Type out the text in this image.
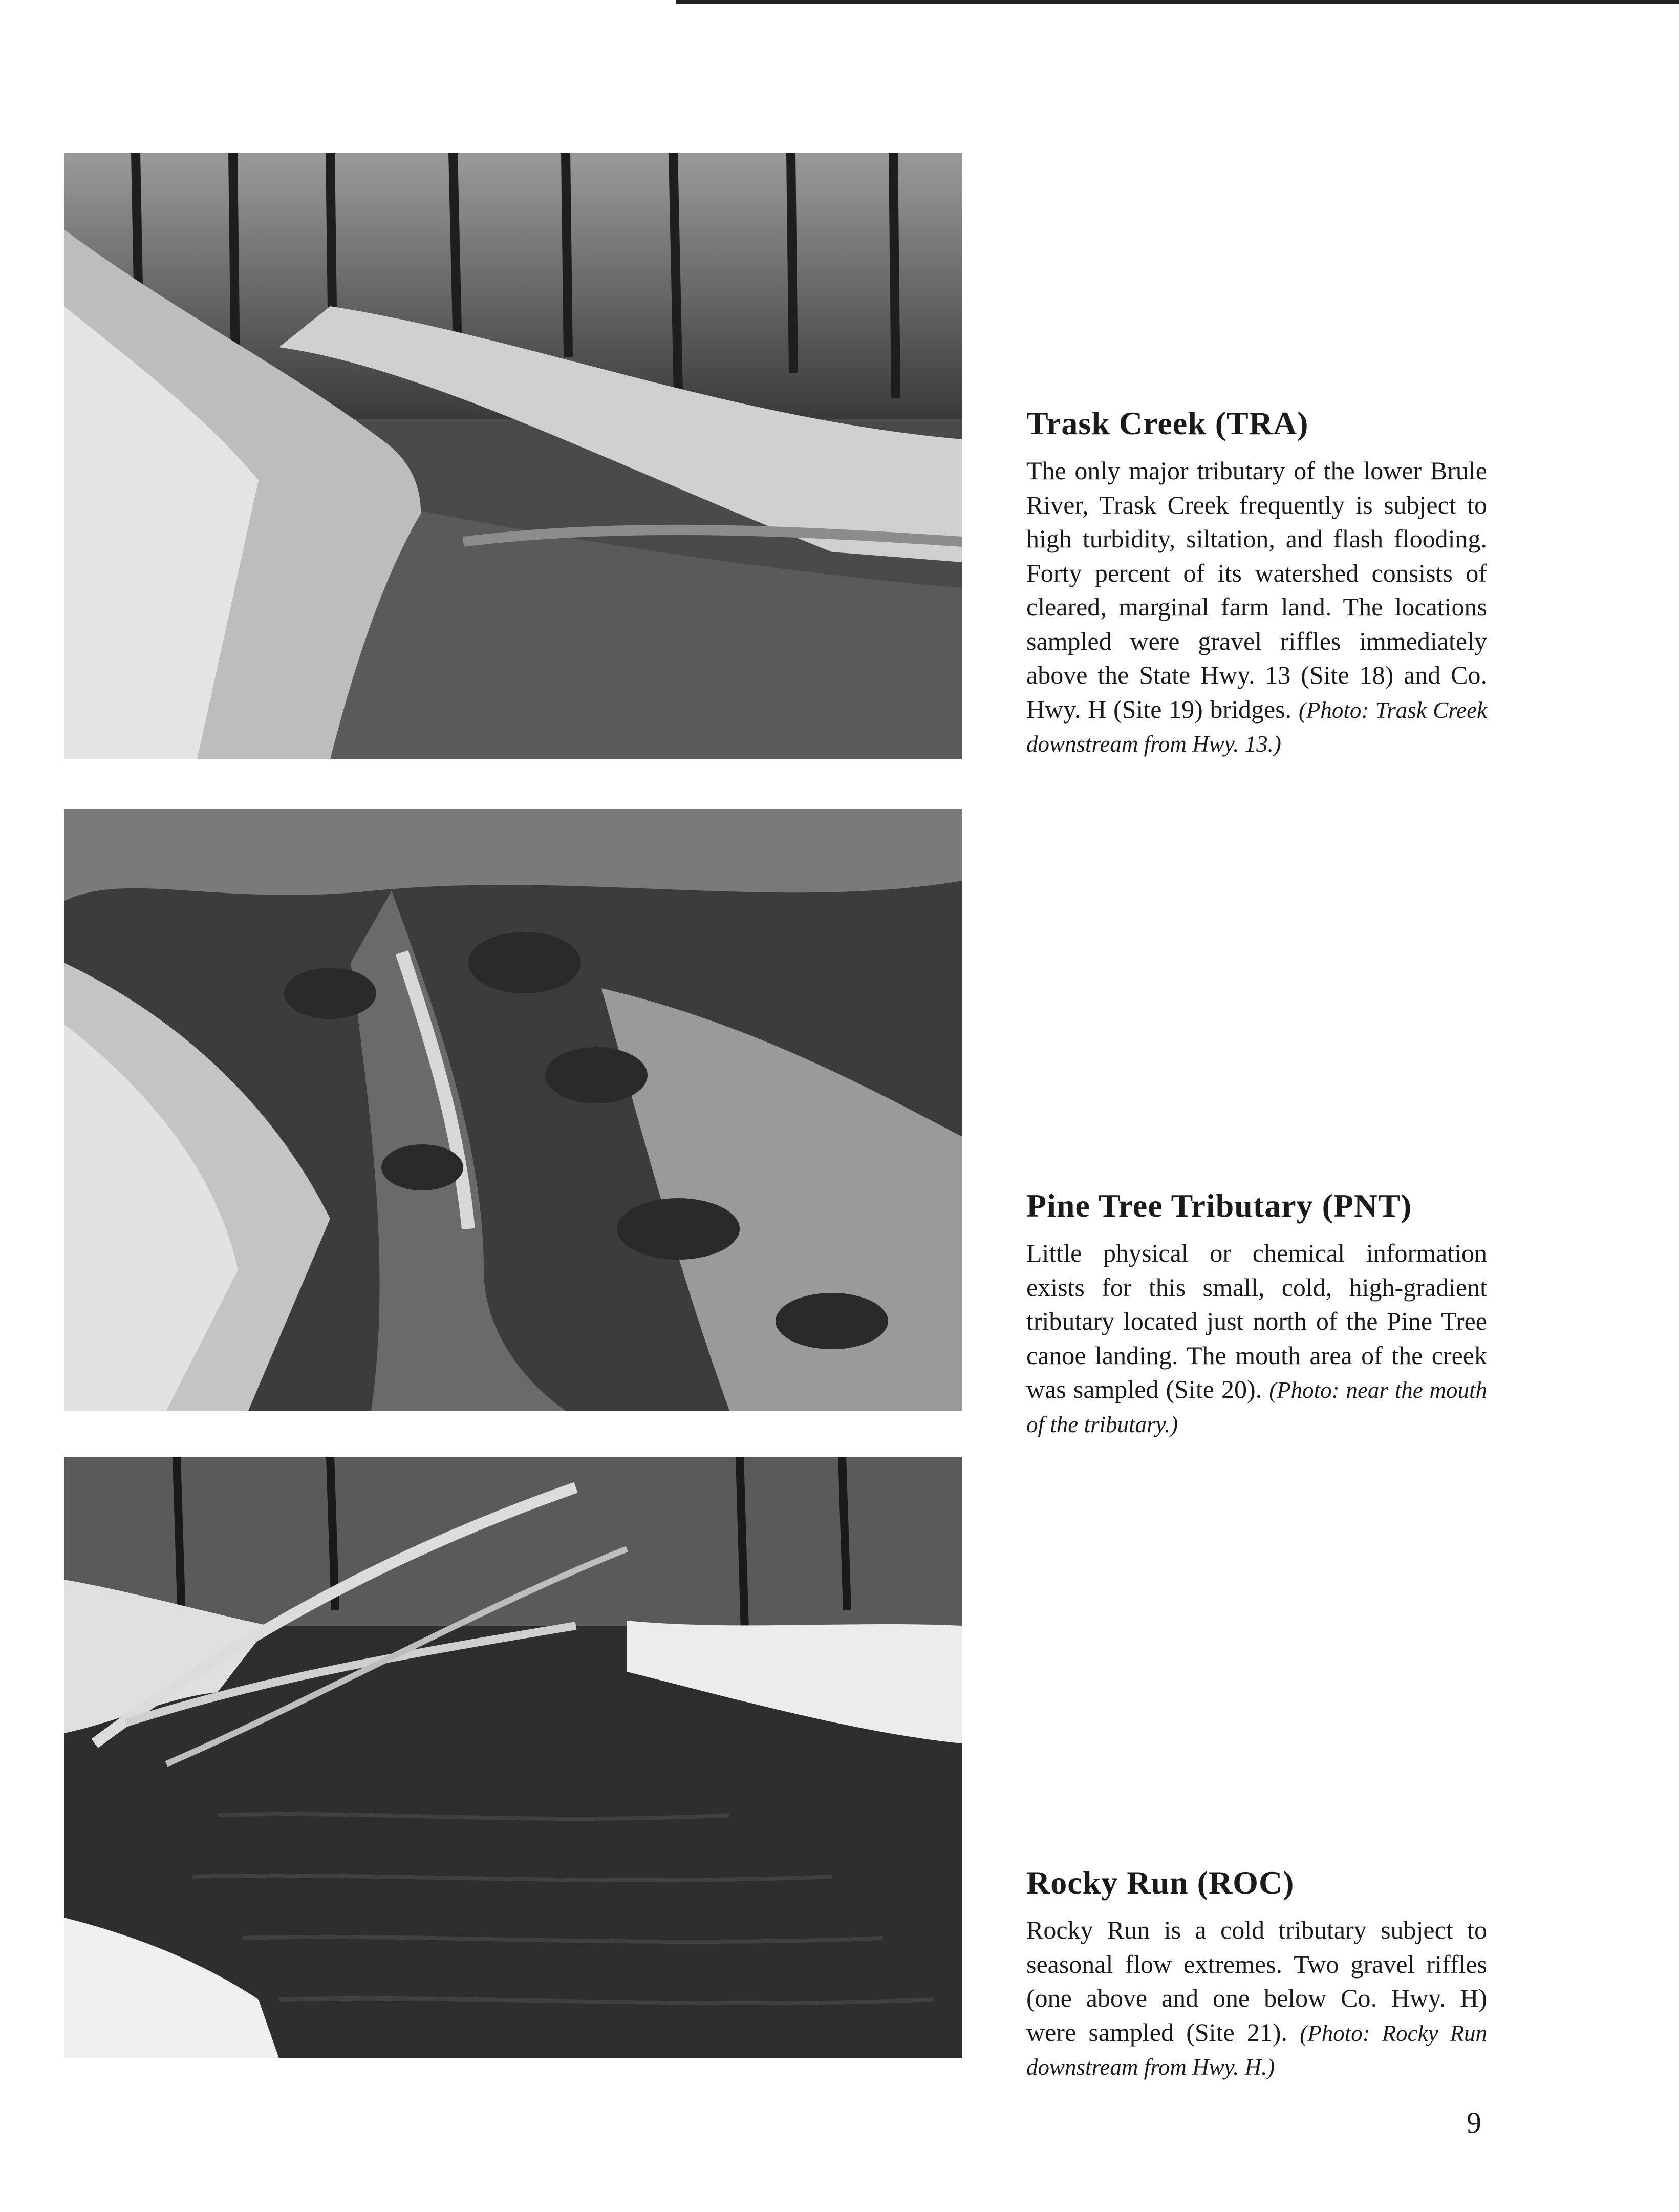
Trask Creek (TRA)

The only major tributary of the lower Brule River, Trask Creek frequently is subject to high turbidity, siltation, and flash flooding. Forty percent of its watershed consists of cleared, marginal farm land. The locations sampled were gravel riffles immediately above the State Hwy. 13 (Site 18) and Co. Hwy. H (Site 19) bridges. (Photo: Trask Creek downstream from Hwy. 13.)

Pine Tree Tributary (PNT)

Little physical or chemical information exists for this small, cold, high-gradient tributary located just north of the Pine Tree canoe landing. The mouth area of the creek was sampled (Site 20). (Photo: near the mouth of the tributary.)

Rocky Run (ROC)

Rocky Run is a cold tributary subject to seasonal flow extremes. Two gravel riffles (one above and one below Co. Hwy. H) were sampled (Site 21). (Photo: Rocky Run downstream from Hwy. H.)

9
